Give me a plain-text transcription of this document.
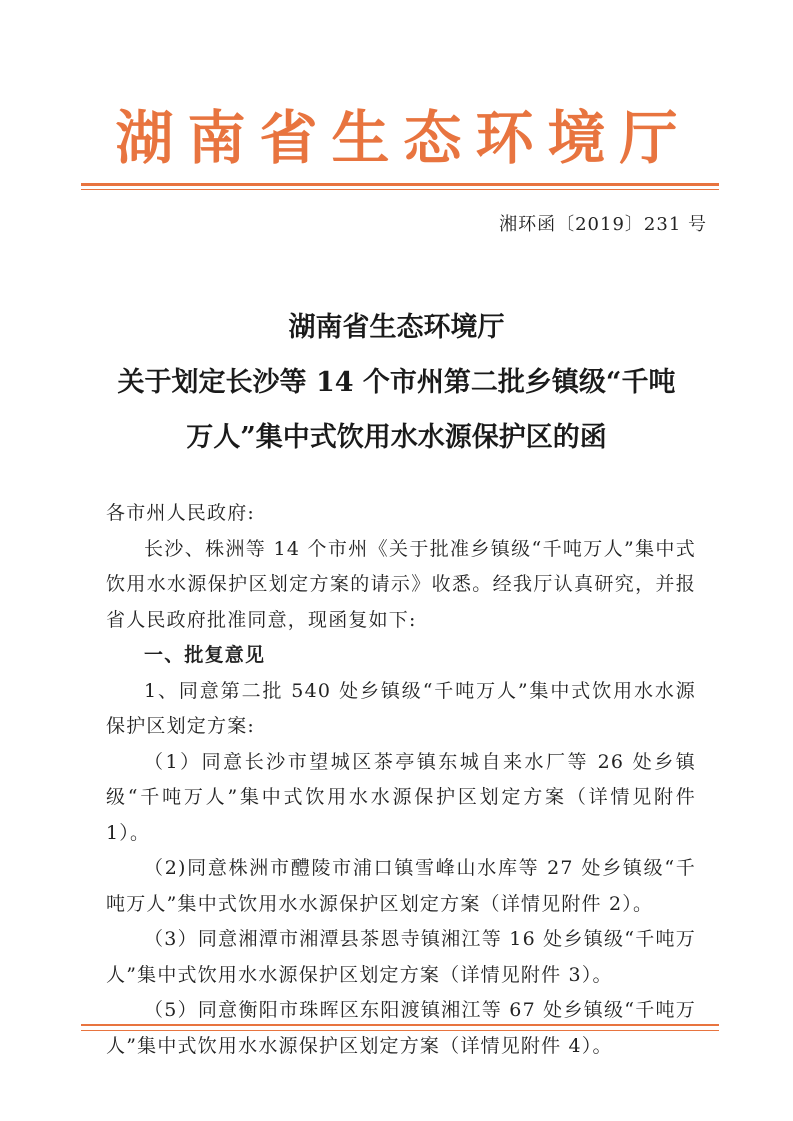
湖南省生态环境厅
湘环函〔2019〕231 号
湖南省生态环境厅
关于划定长沙等 14 个市州第二批乡镇级“千吨
万人”集中式饮用水水源保护区的函

各市州人民政府:

长沙、株洲等 14 个市州《关于批准乡镇级“千吨万人”集中式饮用水水源保护区划定方案的请示》收悉。经我厅认真研究，并报省人民政府批准同意，现函复如下:

一、批复意见

1、同意第二批 540 处乡镇级“千吨万人”集中式饮用水水源保护区划定方案:

（1）同意长沙市望城区茶亭镇东城自来水厂等 26 处乡镇级“千吨万人”集中式饮用水水源保护区划定方案（详情见附件 1）。

（2)同意株洲市醴陵市浦口镇雪峰山水库等 27 处乡镇级“千吨万人”集中式饮用水水源保护区划定方案（详情见附件 2）。

（3）同意湘潭市湘潭县茶恩寺镇湘江等 16 处乡镇级“千吨万人”集中式饮用水水源保护区划定方案（详情见附件 3）。

（5）同意衡阳市珠晖区东阳渡镇湘江等 67 处乡镇级“千吨万人”集中式饮用水水源保护区划定方案（详情见附件 4）。
